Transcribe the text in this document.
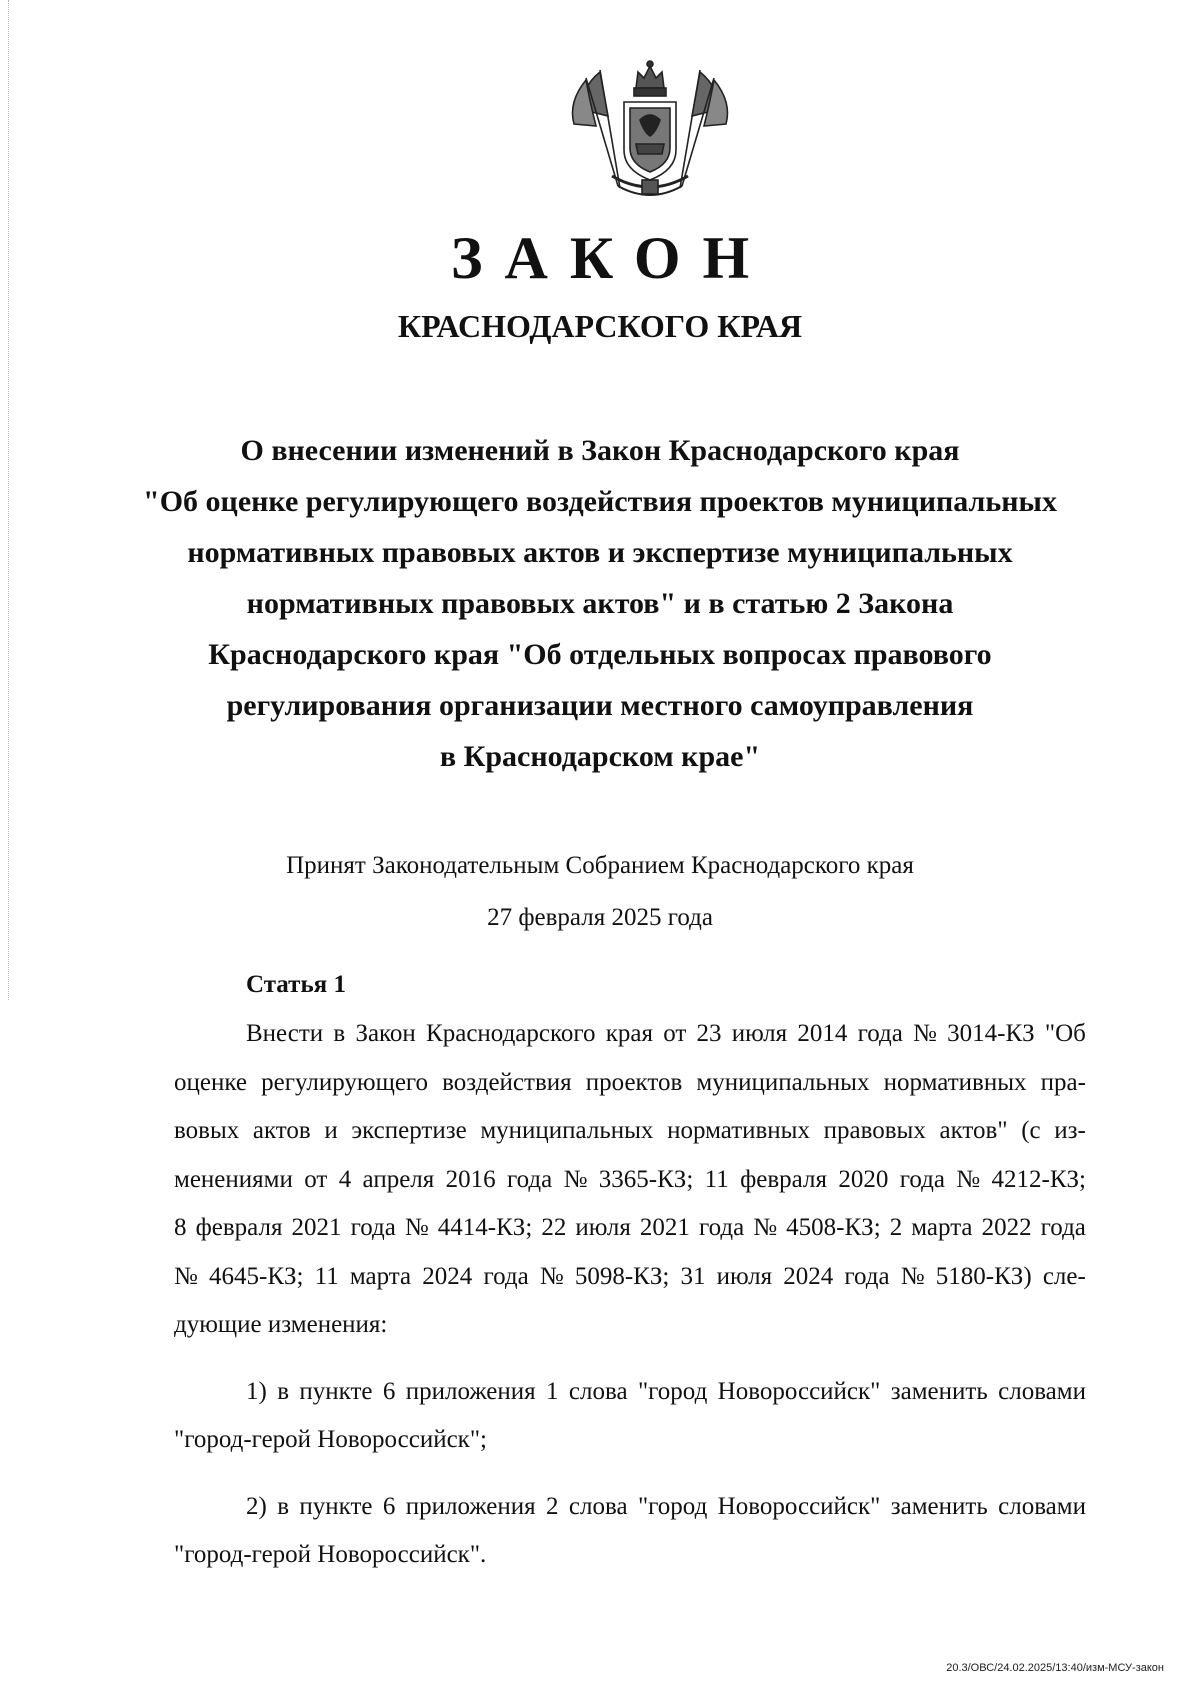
ЗАКОН
КРАСНОДАРСКОГО КРАЯ
О внесении изменений в Закон Краснодарского края
"Об оценке регулирующего воздействия проектов муниципальных
нормативных правовых актов и экспертизе муниципальных
нормативных правовых актов" и в статью 2 Закона
Краснодарского края "Об отдельных вопросах правового
регулирования организации местного самоуправления
в Краснодарском крае"
Принят Законодательным Собранием Краснодарского края
27 февраля 2025 года
Статья 1
Внести в Закон Краснодарского края от 23 июля 2014 года № 3014-КЗ "Об
оценке регулирующего воздействия проектов муниципальных нормативных пра-
вовых актов и экспертизе муниципальных нормативных правовых актов" (с из-
менениями от 4 апреля 2016 года № 3365-КЗ; 11 февраля 2020 года № 4212-КЗ;
8 февраля 2021 года № 4414-КЗ; 22 июля 2021 года № 4508-КЗ; 2 марта 2022 года
№ 4645-КЗ; 11 марта 2024 года № 5098-КЗ; 31 июля 2024 года № 5180-КЗ) сле-
дующие изменения:
1) в пункте 6 приложения 1 слова "город Новороссийск" заменить словами
"город-герой Новороссийск";
2) в пункте 6 приложения 2 слова "город Новороссийск" заменить словами
"город-герой Новороссийск".
20.3/ОВС/24.02.2025/13:40/изм-МСУ-закон
